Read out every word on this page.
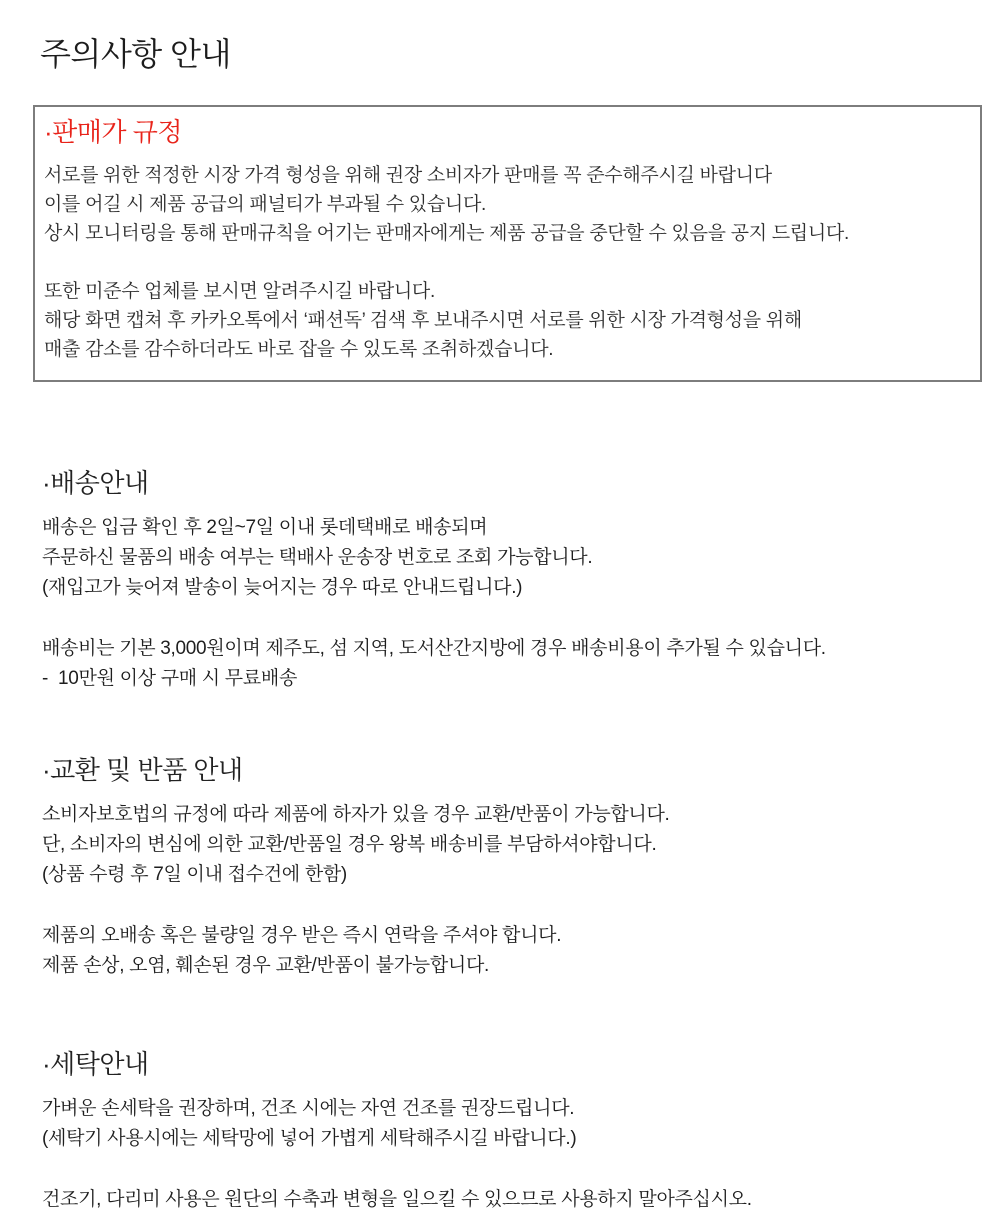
주의사항 안내
·판매가 규정
서로를 위한 적정한 시장 가격 형성을 위해 권장 소비자가 판매를 꼭 준수해주시길 바랍니다
이를 어길 시 제품 공급의 패널티가 부과될 수 있습니다.
상시 모니터링을 통해 판매규칙을 어기는 판매자에게는 제품 공급을 중단할 수 있음을 공지 드립니다.
또한 미준수 업체를 보시면 알려주시길 바랍니다.
해당 화면 캡쳐 후 카카오톡에서 ‘패션독’ 검색 후 보내주시면 서로를 위한 시장 가격형성을 위해
매출 감소를 감수하더라도 바로 잡을 수 있도록 조취하겠습니다.
·배송안내
배송은 입금 확인 후 2일~7일 이내 롯데택배로 배송되며
주문하신 물품의 배송 여부는 택배사 운송장 번호로 조회 가능합니다.
(재입고가 늦어져 발송이 늦어지는 경우 따로 안내드립니다.)
배송비는 기본 3,000원이며 제주도, 섬 지역, 도서산간지방에 경우 배송비용이 추가될 수 있습니다.
-  10만원 이상 구매 시 무료배송
·교환 및 반품 안내
소비자보호법의 규정에 따라 제품에 하자가 있을 경우 교환/반품이 가능합니다.
단, 소비자의 변심에 의한 교환/반품일 경우 왕복 배송비를 부담하셔야합니다.
(상품 수령 후 7일 이내 접수건에 한함)
제품의 오배송 혹은 불량일 경우 받은 즉시 연락을 주셔야 합니다.
제품 손상, 오염, 훼손된 경우 교환/반품이 불가능합니다.
·세탁안내
가벼운 손세탁을 권장하며, 건조 시에는 자연 건조를 권장드립니다.
(세탁기 사용시에는 세탁망에 넣어 가볍게 세탁해주시길 바랍니다.)
건조기, 다리미 사용은 원단의 수축과 변형을 일으킬 수 있으므로 사용하지 말아주십시오.
